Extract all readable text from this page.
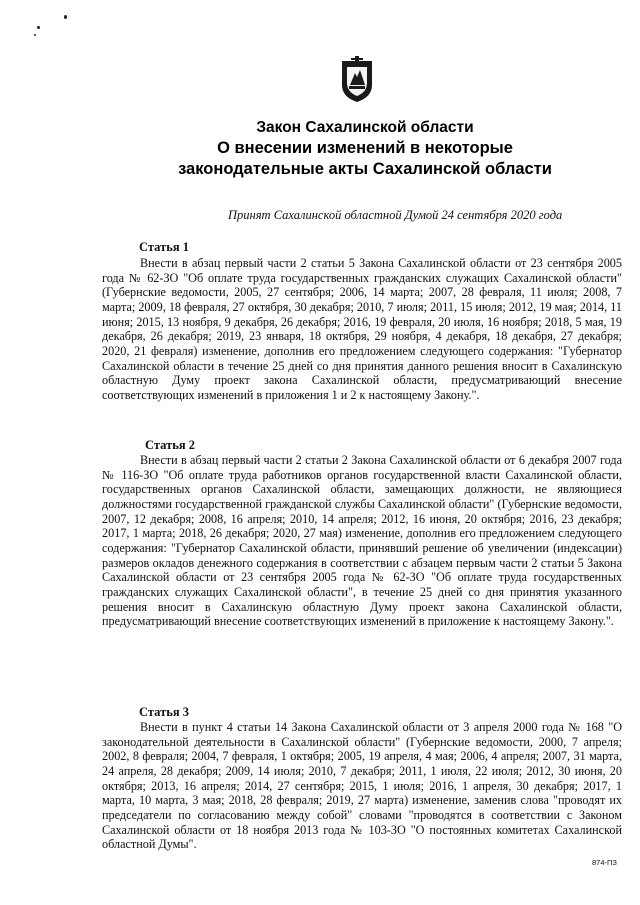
Закон Сахалинской области
О внесении изменений в некоторые
законодательные акты Сахалинской области
Принят Сахалинской областной Думой 24 сентября 2020 года
Статья 1

Внести в абзац первый части 2 статьи 5 Закона Сахалинской области от 23 сентября 2005 года № 62-ЗО "Об оплате труда государственных гражданских служащих Сахалинской области" (Губернские ведомости, 2005, 27 сентября; 2006, 14 марта; 2007, 28 февраля, 11 июля; 2008, 7 марта; 2009, 18 февраля, 27 октября, 30 декабря; 2010, 7 июля; 2011, 15 июля; 2012, 19 мая; 2014, 11 июня; 2015, 13 ноября, 9 декабря, 26 декабря; 2016, 19 февраля, 20 июля, 16 ноября; 2018, 5 мая, 19 декабря, 26 декабря; 2019, 23 января, 18 октября, 29 ноября, 4 декабря, 18 декабря, 27 декабря; 2020, 21 февраля) изменение, дополнив его предложением следующего содержания: "Губернатор Сахалинской области в течение 25 дней со дня принятия данного решения вносит в Сахалинскую областную Думу проект закона Сахалинской области, предусматривающий внесение соответствующих изменений в приложения 1 и 2 к настоящему Закону.".

Статья 2

Внести в абзац первый части 2 статьи 2 Закона Сахалинской области от 6 декабря 2007 года № 116-ЗО "Об оплате труда работников органов государственной власти Сахалинской области, государственных органов Сахалинской области, замещающих должности, не являющиеся должностями государственной гражданской службы Сахалинской области" (Губернские ведомости, 2007, 12 декабря; 2008, 16 апреля; 2010, 14 апреля; 2012, 16 июня, 20 октября; 2016, 23 декабря; 2017, 1 марта; 2018, 26 декабря; 2020, 27 мая) изменение, дополнив его предложением следующего содержания: "Губернатор Сахалинской области, принявший решение об увеличении (индексации) размеров окладов денежного содержания в соответствии с абзацем первым части 2 статьи 5 Закона Сахалинской области от 23 сентября 2005 года № 62-ЗО "Об оплате труда государственных гражданских служащих Сахалинской области", в течение 25 дней со дня принятия указанного решения вносит в Сахалинскую областную Думу проект закона Сахалинской области, предусматривающий внесение соответствующих изменений в приложение к настоящему Закону.".

Статья 3

Внести в пункт 4 статьи 14 Закона Сахалинской области от 3 апреля 2000 года № 168 "О законодательной деятельности в Сахалинской области" (Губернские ведомости, 2000, 7 апреля; 2002, 8 февраля; 2004, 7 февраля, 1 октября; 2005, 19 апреля, 4 мая; 2006, 4 апреля; 2007, 31 марта, 24 апреля, 28 декабря; 2009, 14 июля; 2010, 7 декабря; 2011, 1 июля, 22 июля; 2012, 30 июня, 20 октября; 2013, 16 апреля; 2014, 27 сентября; 2015, 1 июля; 2016, 1 апреля, 30 декабря; 2017, 1 марта, 10 марта, 3 мая; 2018, 28 февраля; 2019, 27 марта) изменение, заменив слова "проводят их председатели по согласованию между собой" словами "проводятся в соответствии с Законом Сахалинской области от 18 ноября 2013 года № 103-ЗО "О постоянных комитетах Сахалинской областной Думы".

874-ПЗ
